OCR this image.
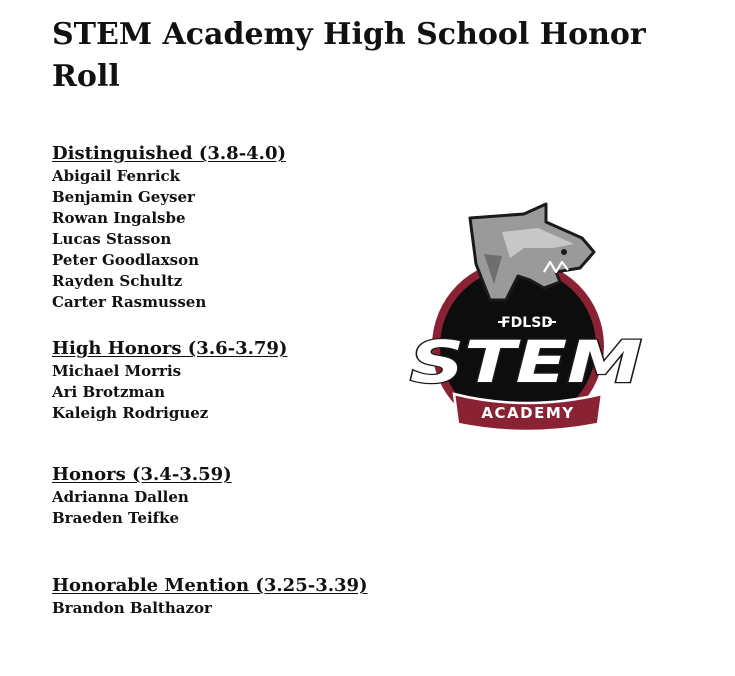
STEM Academy High School Honor Roll
Distinguished (3.8-4.0)
Abigail Fenrick
Benjamin Geyser
Rowan Ingalsbe
Lucas Stasson
Peter Goodlaxson
Rayden Schultz
Carter Rasmussen
High Honors (3.6-3.79)
Michael Morris
Ari Brotzman
Kaleigh Rodriguez
Honors (3.4-3.59)
Adrianna Dallen
Braeden Teifke
Honorable Mention (3.25-3.39)
Brandon Balthazor
FDLSD
STEM
ACADEMY
